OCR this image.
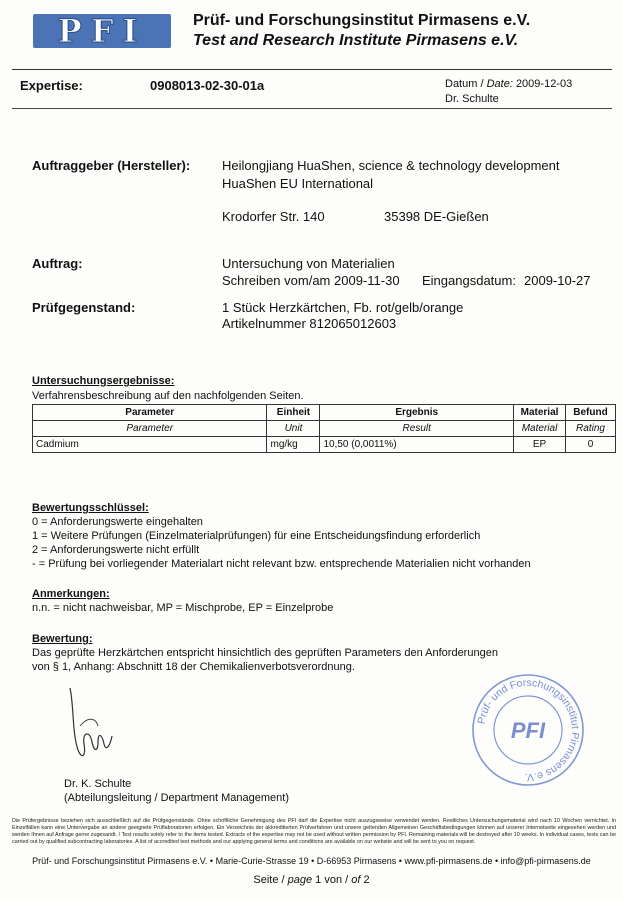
PFI	Prüf- und Forschungsinstitut Pirmasens e.V.
Test and Research Institute Pirmasens e.V.
Expertise:	0908013-02-30-01a	Datum / Date: 2009-12-03
Dr. Schulte
Auftraggeber (Hersteller): Heilongjiang HuaShen, science & technology development
HuaShen EU International
Krodorfer Str. 140	35398 DE-Gießen
Auftrag:	Untersuchung von Materialien
Schreiben vom/am 2009-11-30 Eingangsdatum: 2009-10-27
Prüfgegenstand:	1 Stück Herzkärtchen, Fb. rot/gelb/orange
Artikelnummer 812065012603
Untersuchungsergebnisse:
Verfahrensbeschreibung auf den nachfolgenden Seiten.
Parameter	Einheit	Ergebnis	Material	Befund
Parameter	Unit	Result	Material	Rating
Cadmium	mg/kg	10,50 (0,0011%)	EP	0
Bewertungsschlüssel:
0 = Anforderungswerte eingehalten
1 = Weitere Prüfungen (Einzelmaterialprüfungen) für eine Entscheidungsfindung erforderlich
2 = Anforderungswerte nicht erfüllt
- = Prüfung bei vorliegender Materialart nicht relevant bzw. entsprechende Materialien nicht vorhanden
Anmerkungen:
n.n. = nicht nachweisbar, MP = Mischprobe, EP = Einzelprobe
Bewertung:
Das geprüfte Herzkärtchen entspricht hinsichtlich des geprüften Parameters den Anforderungen
von § 1, Anhang: Abschnitt 18 der Chemikalienverbotsverordnung.
Dr. K. Schulte
(Abteilungsleitung / Department Management)
Prüf- und Forschungsinstitut Pirmasens e.V.
PFI
Die Prüfergebnisse beziehen sich ausschließlich auf die Prüfgegenstände. Ohne schriftliche Genehmigung des PFI darf die Expertise nicht auszugsweise verwendet werden. Restliches Untersuchungsmaterial wird nach 10 Wochen vernichtet. In Einzelfällen kann eine Untervergabe an andere geeignete Prüflaboratorien erfolgen. Ein Verzeichnis der akkreditierten Prüfverfahren und unsere geltenden Allgemeinen Geschäftsbedingungen können auf unserer Internetseite eingesehen werden und werden Ihnen auf Anfrage gerne zugesandt. / Test results solely refer to the items tested. Extracts of the expertise may not be used without written permission by PFI. Remaining materials will be destroyed after 10 weeks. In individual cases, tests can be carried out by qualified subcontracting laboratories. A list of accredited test methods and our applying general terms and conditions are available on our website and will be sent to you on request.
Prüf- und Forschungsinstitut Pirmasens e.V. • Marie-Curie-Strasse 19 • D-66953 Pirmasens • www.pfi-pirmasens.de • info@pfi-pirmasens.de
Seite / page 1 von / of 2
